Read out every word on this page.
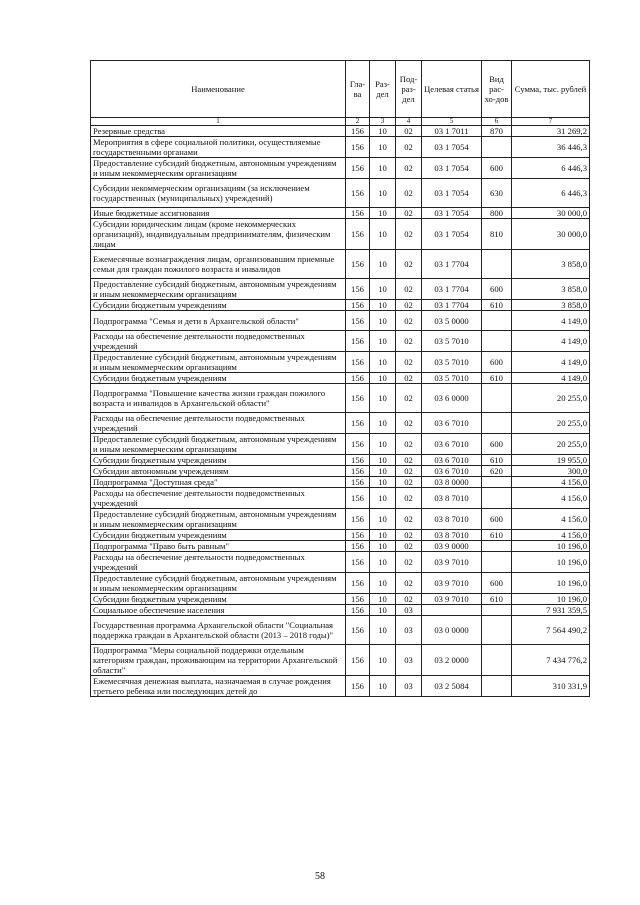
Наименование	Гла-ва	Раз-дел	Под-раз-дел	Целевая статья	Вид рас-хо-дов	Сумма, тыс. рублей
1	2	3	4	5	6	7
Резервные средства	156	10	02	03 1 7011	870	31 269,2
Мероприятия в сфере социальной политики, осуществляемые государственными органами	156	10	02	03 1 7054		36 446,3
Предоставление субсидий бюджетным, автономным учреждениям и иным некоммерческим организациям	156	10	02	03 1 7054	600	6 446,3
Субсидии некоммерческим организациям (за исключением государственных (муниципальных) учреждений)	156	10	02	03 1 7054	630	6 446,3
Иные бюджетные ассигнования	156	10	02	03 1 7054	800	30 000,0
Субсидии юридическим лицам (кроме некоммерческих организаций), индивидуальным предпринимателям, физическим лицам	156	10	02	03 1 7054	810	30 000,0
Ежемесячные вознаграждения лицам, организовавшим приемные семьи для граждан пожилого возраста и инвалидов	156	10	02	03 1 7704		3 858,0
Предоставление субсидий бюджетным, автономным учреждениям и иным некоммерческим организациям	156	10	02	03 1 7704	600	3 858,0
Субсидии бюджетным учреждениям	156	10	02	03 1 7704	610	3 858,0
Подпрограмма "Семья и дети в Архангельской области"	156	10	02	03 5 0000		4 149,0
Расходы на обеспечение деятельности подведомственных учреждений	156	10	02	03 5 7010		4 149,0
Предоставление субсидий бюджетным, автономным учреждениям и иным некоммерческим организациям	156	10	02	03 5 7010	600	4 149,0
Субсидии бюджетным учреждениям	156	10	02	03 5 7010	610	4 149,0
Подпрограмма "Повышение качества жизни граждан пожилого возраста и инвалидов в Архангельской области"	156	10	02	03 6 0000		20 255,0
Расходы на обеспечение деятельности подведомственных учреждений	156	10	02	03 6 7010		20 255,0
Предоставление субсидий бюджетным, автономным учреждениям и иным некоммерческим организациям	156	10	02	03 6 7010	600	20 255,0
Субсидии бюджетным учреждениям	156	10	02	03 6 7010	610	19 955,0
Субсидии автономным учреждениям	156	10	02	03 6 7010	620	300,0
Подпрограмма "Доступная среда"	156	10	02	03 8 0000		4 156,0
Расходы на обеспечение деятельности подведомственных учреждений	156	10	02	03 8 7010		4 156,0
Предоставление субсидий бюджетным, автономным учреждениям и иным некоммерческим организациям	156	10	02	03 8 7010	600	4 156,0
Субсидии бюджетным учреждениям	156	10	02	03 8 7010	610	4 156,0
Подпрограмма "Право быть равным"	156	10	02	03 9 0000		10 196,0
Расходы на обеспечение деятельности подведомственных учреждений	156	10	02	03 9 7010		10 196,0
Предоставление субсидий бюджетным, автономным учреждениям и иным некоммерческим организациям	156	10	02	03 9 7010	600	10 196,0
Субсидии бюджетным учреждениям	156	10	02	03 9 7010	610	10 196,0
Социальное обеспечение населения	156	10	03			7 931 359,5
Государственная программа Архангельской области "Социальная поддержка граждан в Архангельской области (2013 – 2018 годы)"	156	10	03	03 0 0000		7 564 490,2
Подпрограмма "Меры социальной поддержки отдельным категориям граждан, проживающим на территории Архангельской области"	156	10	03	03 2 0000		7 434 776,2
Ежемесячная денежная выплата, назначаемая в случае рождения третьего ребенка или последующих детей до	156	10	03	03 2 5084		310 331,9
58
